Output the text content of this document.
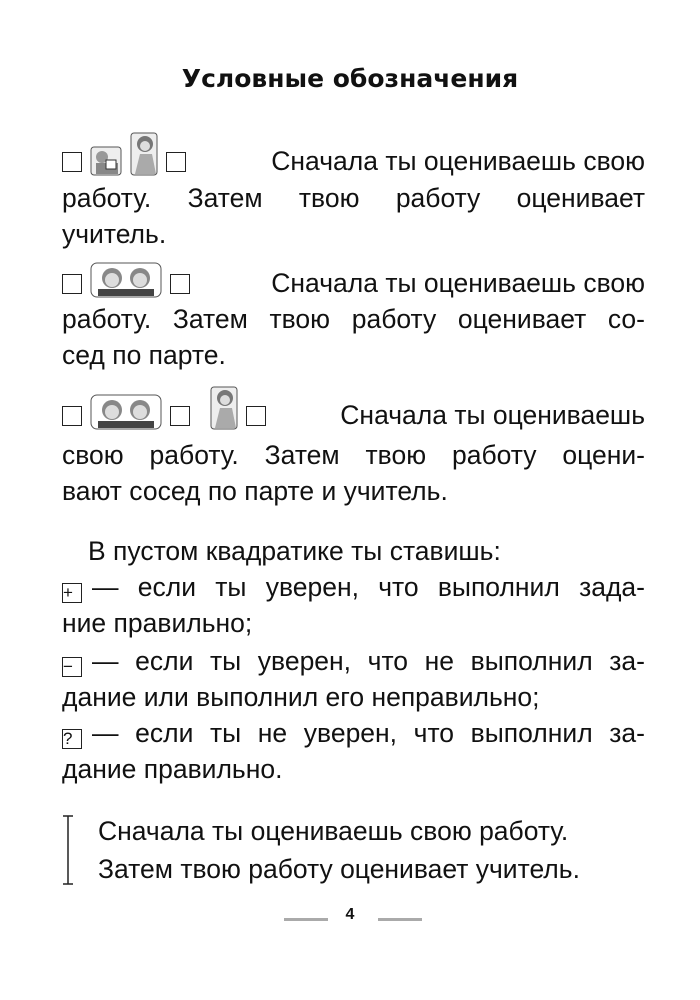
Условные обозначения
Сначала ты оцениваешь свою
работу. Затем твою работу оценивает
учитель.
Сначала ты оцениваешь свою
работу. Затем твою работу оценивает со-
сед по парте.
Сначала ты оцениваешь
свою работу. Затем твою работу оцени-
вают сосед по парте и учитель.
В пустом квадратике ты ставишь:
+ — если ты уверен, что выполнил зада-
ние правильно;
− — если ты уверен, что не выполнил за-
дание или выполнил его неправильно;
? — если ты не уверен, что выполнил за-
дание правильно.
Сначала ты оцениваешь свою работу.
Затем твою работу оценивает учитель.
4
